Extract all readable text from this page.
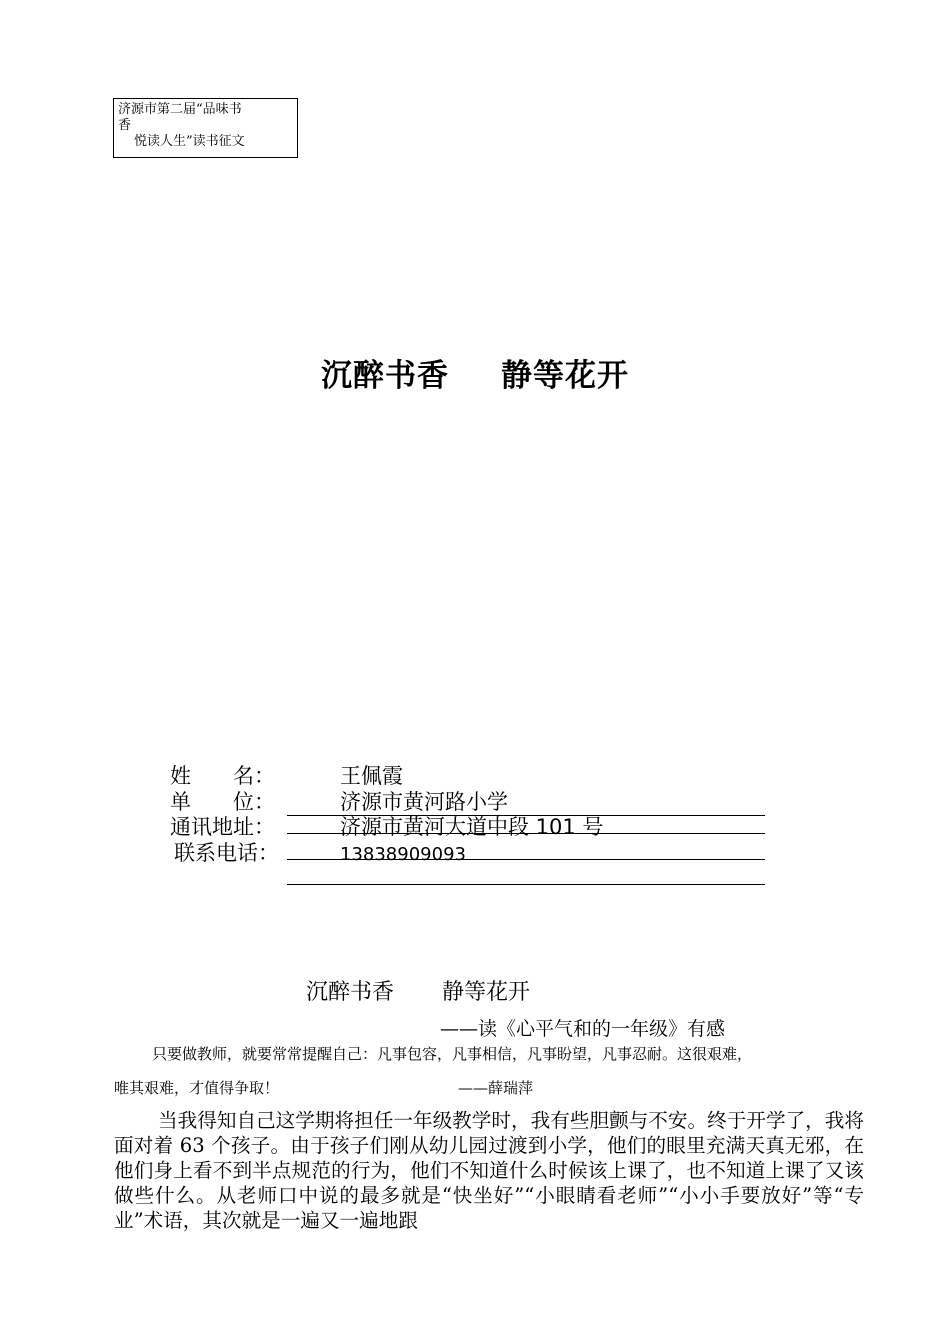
济源市第二届“品味书
香
悦读人生”读书征文
沉醉书香 静等花开
姓　　名：	王佩霞
单　　位：	济源市黄河路小学
通讯地址：	济源市黄河大道中段 101 号
联系电话：	13838909093
沉醉书香 静等花开
——读《心平气和的一年级》有感
只要做教师，就要常常提醒自己：凡事包容，凡事相信，凡事盼望，凡事忍耐。这很艰难，
唯其艰难，才值得争取！	——薛瑞萍
当我得知自己这学期将担任一年级教学时，我有些胆颤与不安。终于开学了，我将面对着 63 个孩子。由于孩子们刚从幼儿园过渡到小学，他们的眼里充满天真无邪，在他们身上看不到半点规范的行为，他们不知道什么时候该上课了，也不知道上课了又该做些什么。从老师口中说的最多就是“快坐好”“小眼睛看老师”“小小手要放好”等“专业”术语，其次就是一遍又一遍地跟
